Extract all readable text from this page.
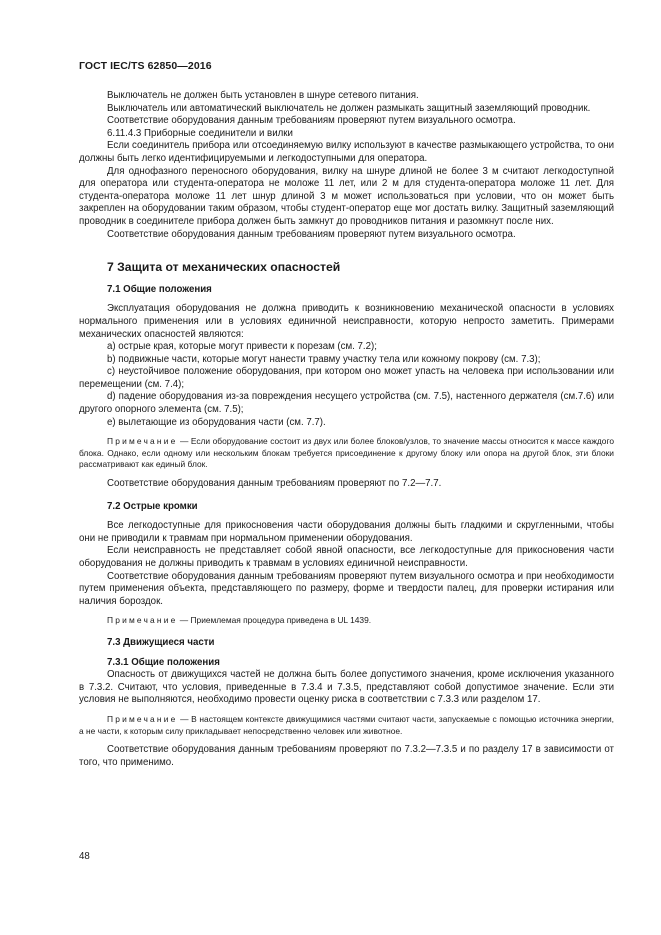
ГОСТ IEC/TS 62850—2016

Выключатель не должен быть установлен в шнуре сетевого питания.

Выключатель или автоматический выключатель не должен размыкать защитный заземляющий проводник.

Соответствие оборудования данным требованиям проверяют путем визуального осмотра.

6.11.4.3 Приборные соединители и вилки

Если соединитель прибора или отсоединяемую вилку используют в качестве размыкающего устройства, то они должны быть легко идентифицируемыми и легкодоступными для оператора.

Для однофазного переносного оборудования, вилку на шнуре длиной не более 3 м считают легкодоступной для оператора или студента-оператора не моложе 11 лет, или 2 м для студента-оператора моложе 11 лет. Для студента-оператора моложе 11 лет шнур длиной 3 м может использоваться при условии, что он может быть закреплен на оборудовании таким образом, чтобы студент-оператор еще мог достать вилку. Защитный заземляющий проводник в соединителе прибора должен быть замкнут до проводников питания и разомкнут после них.

Соответствие оборудования данным требованиям проверяют путем визуального осмотра.

7 Защита от механических опасностей

7.1 Общие положения

Эксплуатация оборудования не должна приводить к возникновению механической опасности в условиях нормального применения или в условиях единичной неисправности, которую непросто заметить. Примерами механических опасностей являются:

a) острые края, которые могут привести к порезам (см. 7.2);

b) подвижные части, которые могут нанести травму участку тела или кожному покрову (см. 7.3);

c) неустойчивое положение оборудования, при котором оно может упасть на человека при использовании или перемещении (см. 7.4);

d) падение оборудования из-за повреждения несущего устройства (см. 7.5), настенного держателя (см.7.6) или другого опорного элемента (см. 7.5);

e) вылетающие из оборудования части (см. 7.7).

Примечание — Если оборудование состоит из двух или более блоков/узлов, то значение массы относится к массе каждого блока. Однако, если одному или нескольким блокам требуется присоединение к другому блоку или опора на другой блок, эти блоки рассматривают как единый блок.

Соответствие оборудования данным требованиям проверяют по 7.2—7.7.

7.2 Острые кромки

Все легкодоступные для прикосновения части оборудования должны быть гладкими и скругленными, чтобы они не приводили к травмам при нормальном применении оборудования.

Если неисправность не представляет собой явной опасности, все легкодоступные для прикосновения части оборудования не должны приводить к травмам в условиях единичной неисправности.

Соответствие оборудования данным требованиям проверяют путем визуального осмотра и при необходимости путем применения объекта, представляющего по размеру, форме и твердости палец, для проверки истирания или наличия бороздок.

Примечание — Приемлемая процедура приведена в UL 1439.

7.3 Движущиеся части

7.3.1 Общие положения

Опасность от движущихся частей не должна быть более допустимого значения, кроме исключения указанного в 7.3.2. Считают, что условия, приведенные в 7.3.4 и 7.3.5, представляют собой допустимое значение. Если эти условия не выполняются, необходимо провести оценку риска в соответствии с 7.3.3 или разделом 17.

Примечание — В настоящем контексте движущимися частями считают части, запускаемые с помощью источника энергии, а не части, к которым силу прикладывает непосредственно человек или животное.

Соответствие оборудования данным требованиям проверяют по 7.3.2—7.3.5 и по разделу 17 в зависимости от того, что применимо.

48
